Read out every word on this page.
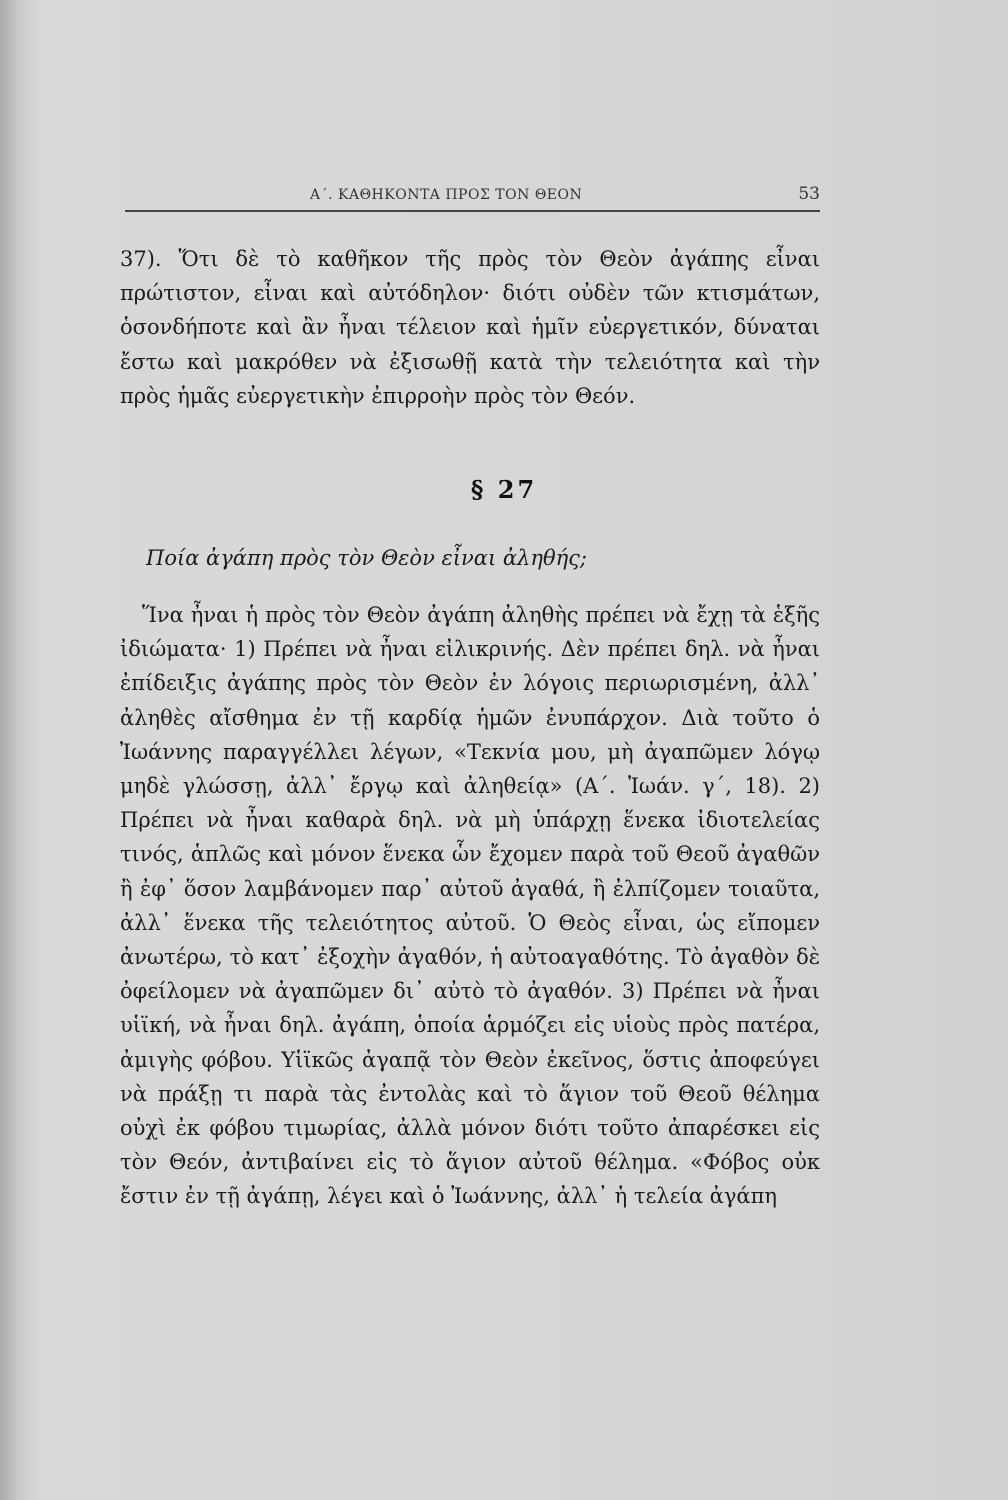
Α΄. ΚΑΘΗΚΟΝΤΑ ΠΡΟΣ ΤΟΝ ΘΕΟΝ	53

37). Ὅτι δὲ τὸ καθῆκον τῆς πρὸς τὸν Θεὸν ἀγάπης εἶναι πρώτιστον, εἶναι καὶ αὐτόδηλον· διότι οὐδὲν τῶν κτισμάτων, ὁσονδήποτε καὶ ἂν ἦναι τέλειον καὶ ἡμῖν εὐεργετικόν, δύναται ἔστω καὶ μακρόθεν νὰ ἐξισωθῇ κατὰ τὴν τελειότητα καὶ τὴν πρὸς ἡμᾶς εὐεργετικὴν ἐπιρροὴν πρὸς τὸν Θεόν.

§ 27
Ποία ἀγάπη πρὸς τὸν Θεὸν εἶναι ἀληθής;

Ἵνα ἦναι ἡ πρὸς τὸν Θεὸν ἀγάπη ἀληθὴς πρέπει νὰ ἔχῃ τὰ ἑξῆς ἰδιώματα· 1) Πρέπει νὰ ἦναι εἰλικρινής. Δὲν πρέπει δηλ. νὰ ἦναι ἐπίδειξις ἀγάπης πρὸς τὸν Θεὸν ἐν λόγοις περιωρισμένη, ἀλλ᾽ ἀληθὲς αἴσθημα ἐν τῇ καρδίᾳ ἡμῶν ἐνυπάρχον. Διὰ τοῦτο ὁ Ἰωάννης παραγγέλλει λέγων, «Τεκνία μου, μὴ ἀγαπῶμεν λόγῳ μηδὲ γλώσσῃ, ἀλλ᾽ ἔργῳ καὶ ἀληθείᾳ» (Α΄. Ἰωάν. γ΄, 18). 2) Πρέπει νὰ ἦναι καθαρὰ δηλ. νὰ μὴ ὑπάρχῃ ἕνεκα ἰδιοτελείας τινός, ἁπλῶς καὶ μόνον ἕνεκα ὧν ἔχομεν παρὰ τοῦ Θεοῦ ἀγαθῶν ἢ ἐφ᾽ ὅσον λαμβάνομεν παρ᾽ αὐτοῦ ἀγαθά, ἢ ἐλπίζομεν τοιαῦτα, ἀλλ᾽ ἕνεκα τῆς τελειότητος αὐτοῦ. Ὁ Θεὸς εἶναι, ὡς εἴπομεν ἀνωτέρω, τὸ κατ᾽ ἐξοχὴν ἀγαθόν, ἡ αὐτοαγαθότης. Τὸ ἀγαθὸν δὲ ὀφείλομεν νὰ ἀγαπῶμεν δι᾽ αὐτὸ τὸ ἀγαθόν. 3) Πρέπει νὰ ἦναι υἱϊκή, νὰ ἦναι δηλ. ἀγάπη, ὁποία ἁρμόζει εἰς υἱοὺς πρὸς πατέρα, ἀμιγὴς φόβου. Υἱϊκῶς ἀγαπᾷ τὸν Θεὸν ἐκεῖνος, ὅστις ἀποφεύγει νὰ πράξῃ τι παρὰ τὰς ἐντολὰς καὶ τὸ ἅγιον τοῦ Θεοῦ θέλημα οὐχὶ ἐκ φόβου τιμωρίας, ἀλλὰ μόνον διότι τοῦτο ἀπαρέσκει εἰς τὸν Θεόν, ἀντιβαίνει εἰς τὸ ἅγιον αὐτοῦ θέλημα. «Φόβος οὐκ ἔστιν ἐν τῇ ἀγάπῃ, λέγει καὶ ὁ Ἰωάννης, ἀλλ᾽ ἡ τελεία ἀγάπη
